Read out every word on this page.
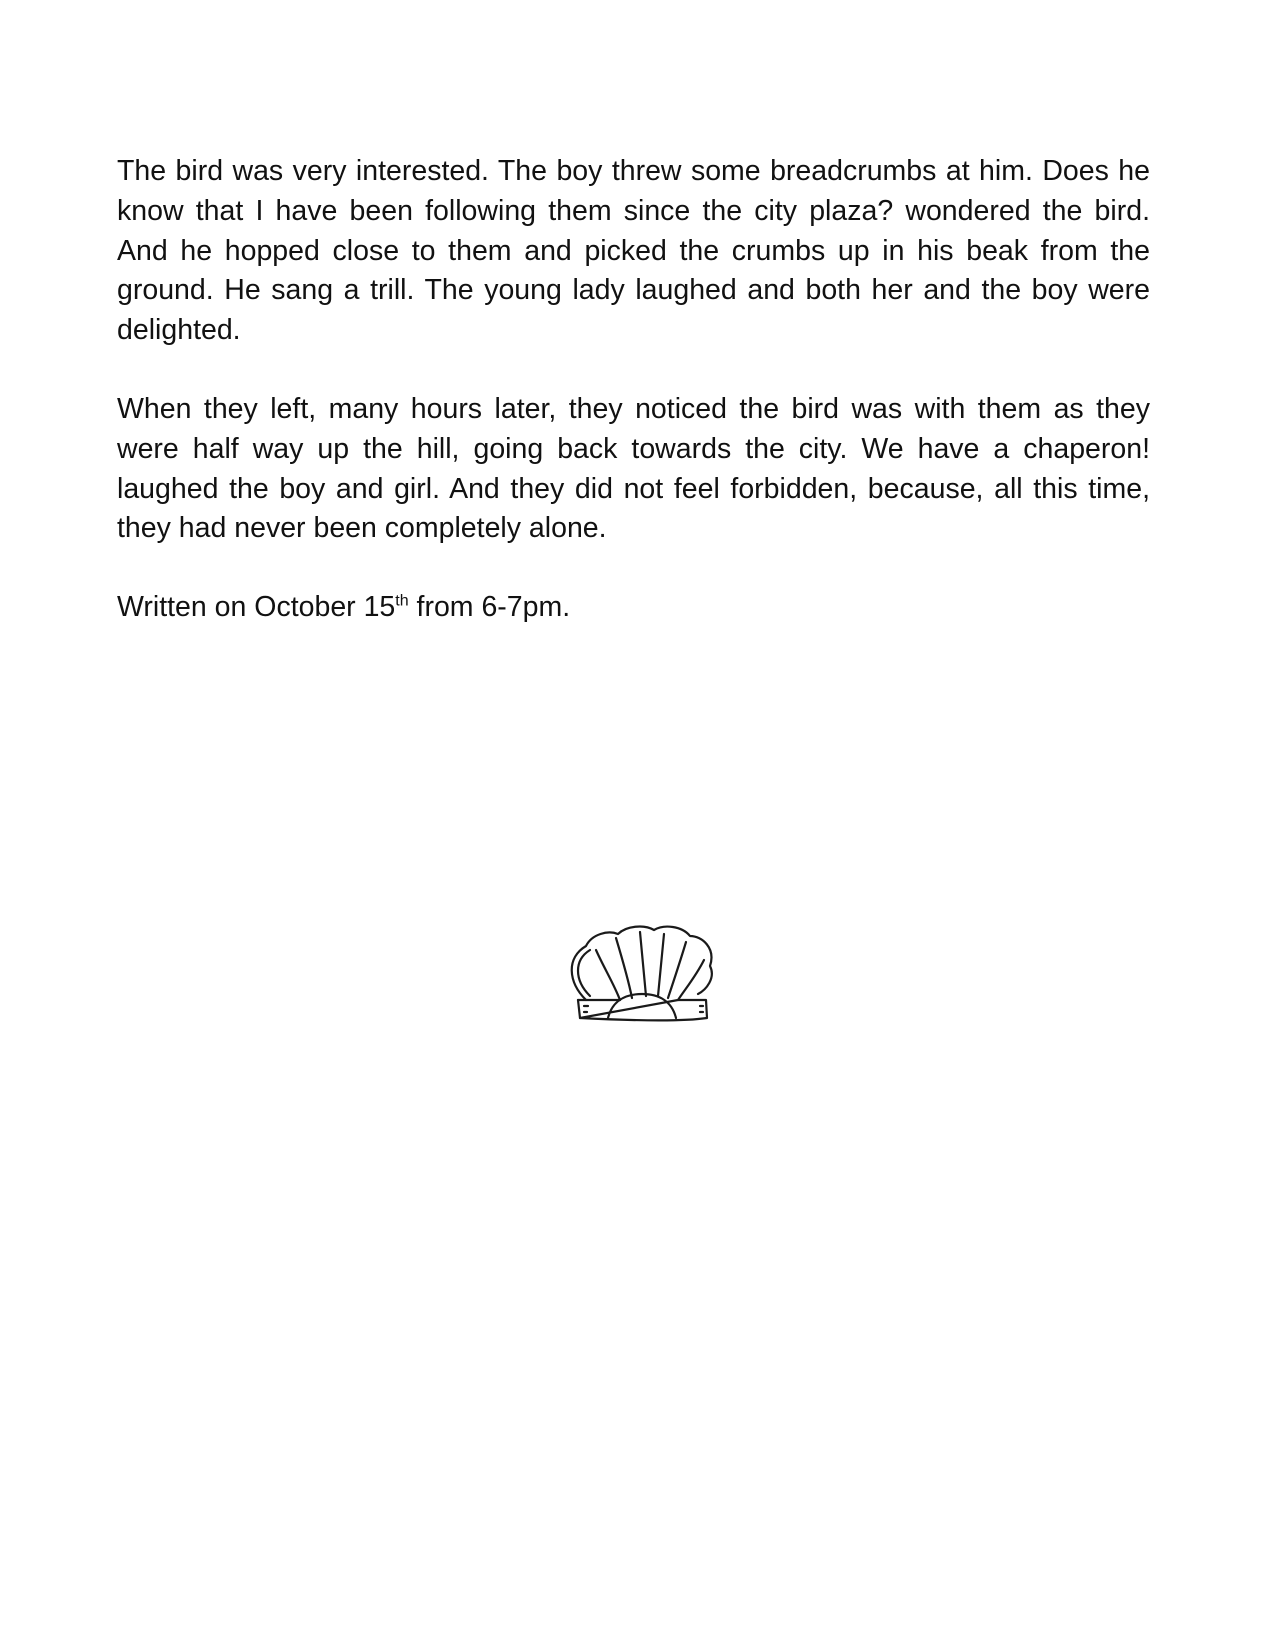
The bird was very interested. The boy threw some breadcrumbs at him. Does he know that I have been following them since the city plaza? wondered the bird. And he hopped close to them and picked the crumbs up in his beak from the ground. He sang a trill. The young lady laughed and both her and the boy were delighted.

When they left, many hours later, they noticed the bird was with them as they were half way up the hill, going back towards the city. We have a chaperon! laughed the boy and girl. And they did not feel forbidden, because, all this time, they had never been completely alone.

Written on October 15th from 6-7pm.
